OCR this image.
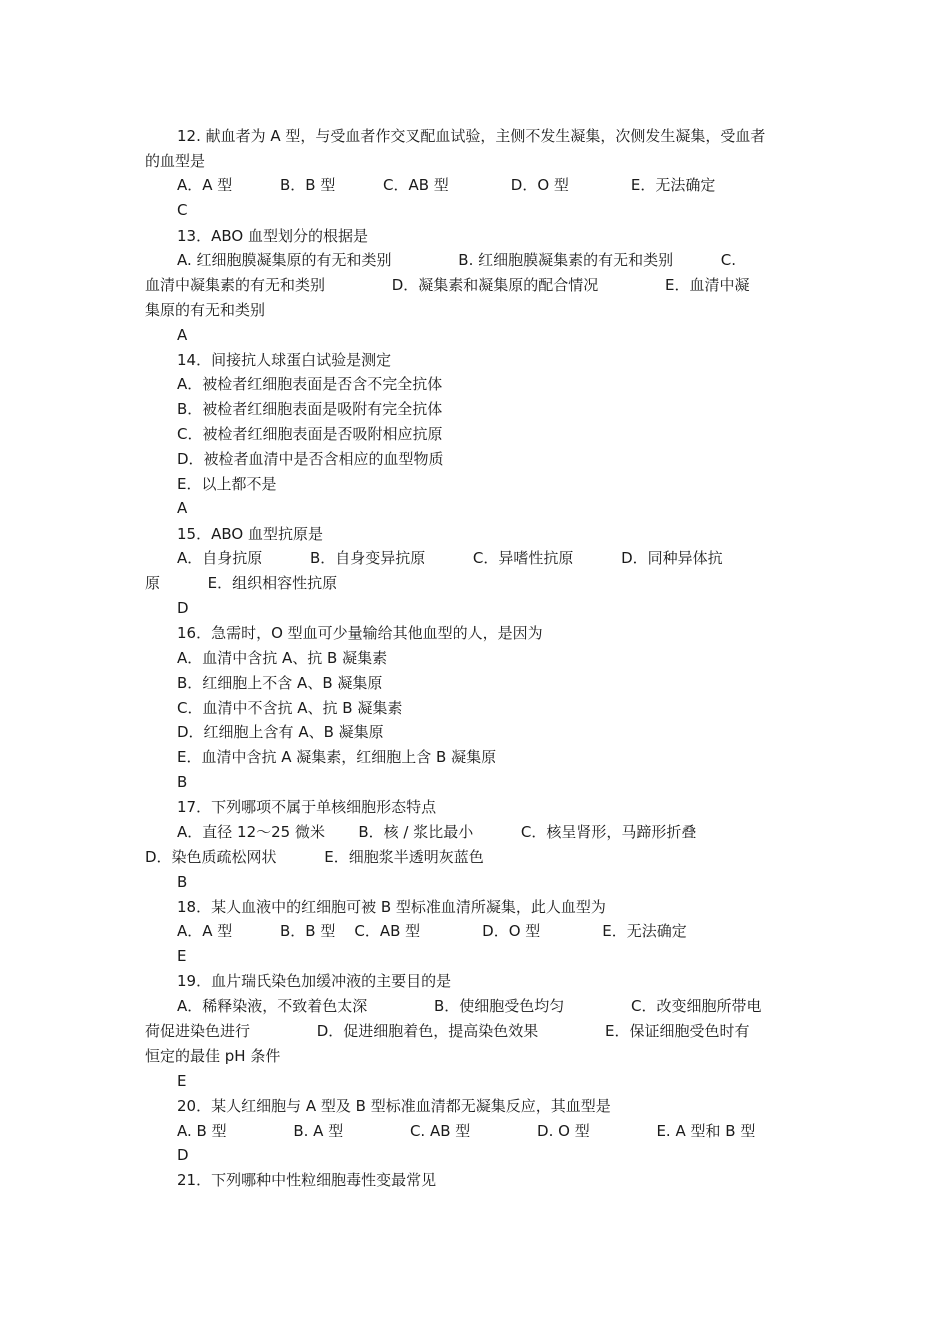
12. 献血者为 A 型，与受血者作交叉配血试验，主侧不发生凝集，次侧发生凝集，受血者
的血型是
A．A 型          B．B 型          C．AB 型             D．O 型             E．无法确定
C
13．ABO 血型划分的根据是
A. 红细胞膜凝集原的有无和类别              B. 红细胞膜凝集素的有无和类别          C.
血清中凝集素的有无和类别              D．凝集素和凝集原的配合情况              E．血清中凝
集原的有无和类别
A
14．间接抗人球蛋白试验是测定
A．被检者红细胞表面是否含不完全抗体
B．被检者红细胞表面是吸附有完全抗体
C．被检者红细胞表面是否吸附相应抗原
D．被检者血清中是否含相应的血型物质
E．以上都不是
A
15．ABO 血型抗原是
A．自身抗原          B．自身变异抗原          C．异嗜性抗原          D．同种异体抗
原          E．组织相容性抗原
D
16．急需时，O 型血可少量输给其他血型的人，是因为
A．血清中含抗 A、抗 B 凝集素
B．红细胞上不含 A、B 凝集原
C．血清中不含抗 A、抗 B 凝集素
D．红细胞上含有 A、B 凝集原
E．血清中含抗 A 凝集素，红细胞上含 B 凝集原
B
17．下列哪项不属于单核细胞形态特点
A．直径 12～25 微米       B．核 / 浆比最小          C．核呈肾形，马蹄形折叠
D．染色质疏松网状          E．细胞浆半透明灰蓝色
B
18．某人血液中的红细胞可被 B 型标准血清所凝集，此人血型为
A．A 型          B．B 型    C．AB 型             D．O 型             E．无法确定
E
19．血片瑞氏染色加缓冲液的主要目的是
A．稀释染液，不致着色太深              B．使细胞受色均匀              C．改变细胞所带电
荷促进染色进行              D．促进细胞着色，提高染色效果              E．保证细胞受色时有
恒定的最佳 pH 条件
E
20．某人红细胞与 A 型及 B 型标准血清都无凝集反应，其血型是
A. B 型              B. A 型              C. AB 型              D. O 型              E. A 型和 B 型
D
21．下列哪种中性粒细胞毒性变最常见
